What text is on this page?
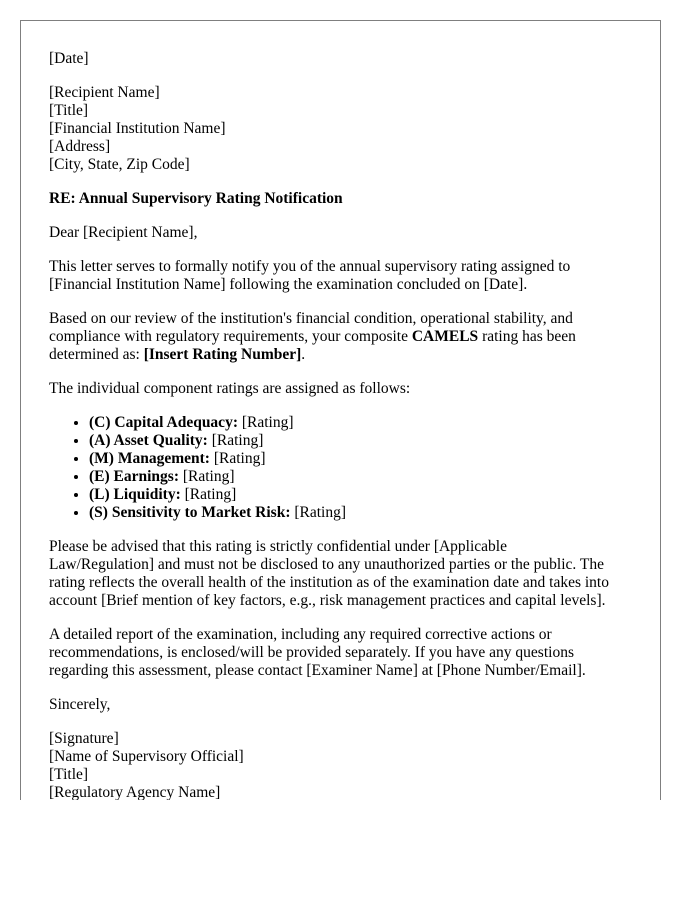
[Date]
[Recipient Name]
[Title]
[Financial Institution Name]
[Address]
[City, State, Zip Code]
RE: Annual Supervisory Rating Notification
Dear [Recipient Name],
This letter serves to formally notify you of the annual supervisory rating assigned to
[Financial Institution Name] following the examination concluded on [Date].
Based on our review of the institution's financial condition, operational stability, and
compliance with regulatory requirements, your composite CAMELS rating has been
determined as: [Insert Rating Number].
The individual component ratings are assigned as follows:
• (C) Capital Adequacy: [Rating]
• (A) Asset Quality: [Rating]
• (M) Management: [Rating]
• (E) Earnings: [Rating]
• (L) Liquidity: [Rating]
• (S) Sensitivity to Market Risk: [Rating]
Please be advised that this rating is strictly confidential under [Applicable
Law/Regulation] and must not be disclosed to any unauthorized parties or the public. The
rating reflects the overall health of the institution as of the examination date and takes into
account [Brief mention of key factors, e.g., risk management practices and capital levels].
A detailed report of the examination, including any required corrective actions or
recommendations, is enclosed/will be provided separately. If you have any questions
regarding this assessment, please contact [Examiner Name] at [Phone Number/Email].
Sincerely,
[Signature]
[Name of Supervisory Official]
[Title]
[Regulatory Agency Name]
